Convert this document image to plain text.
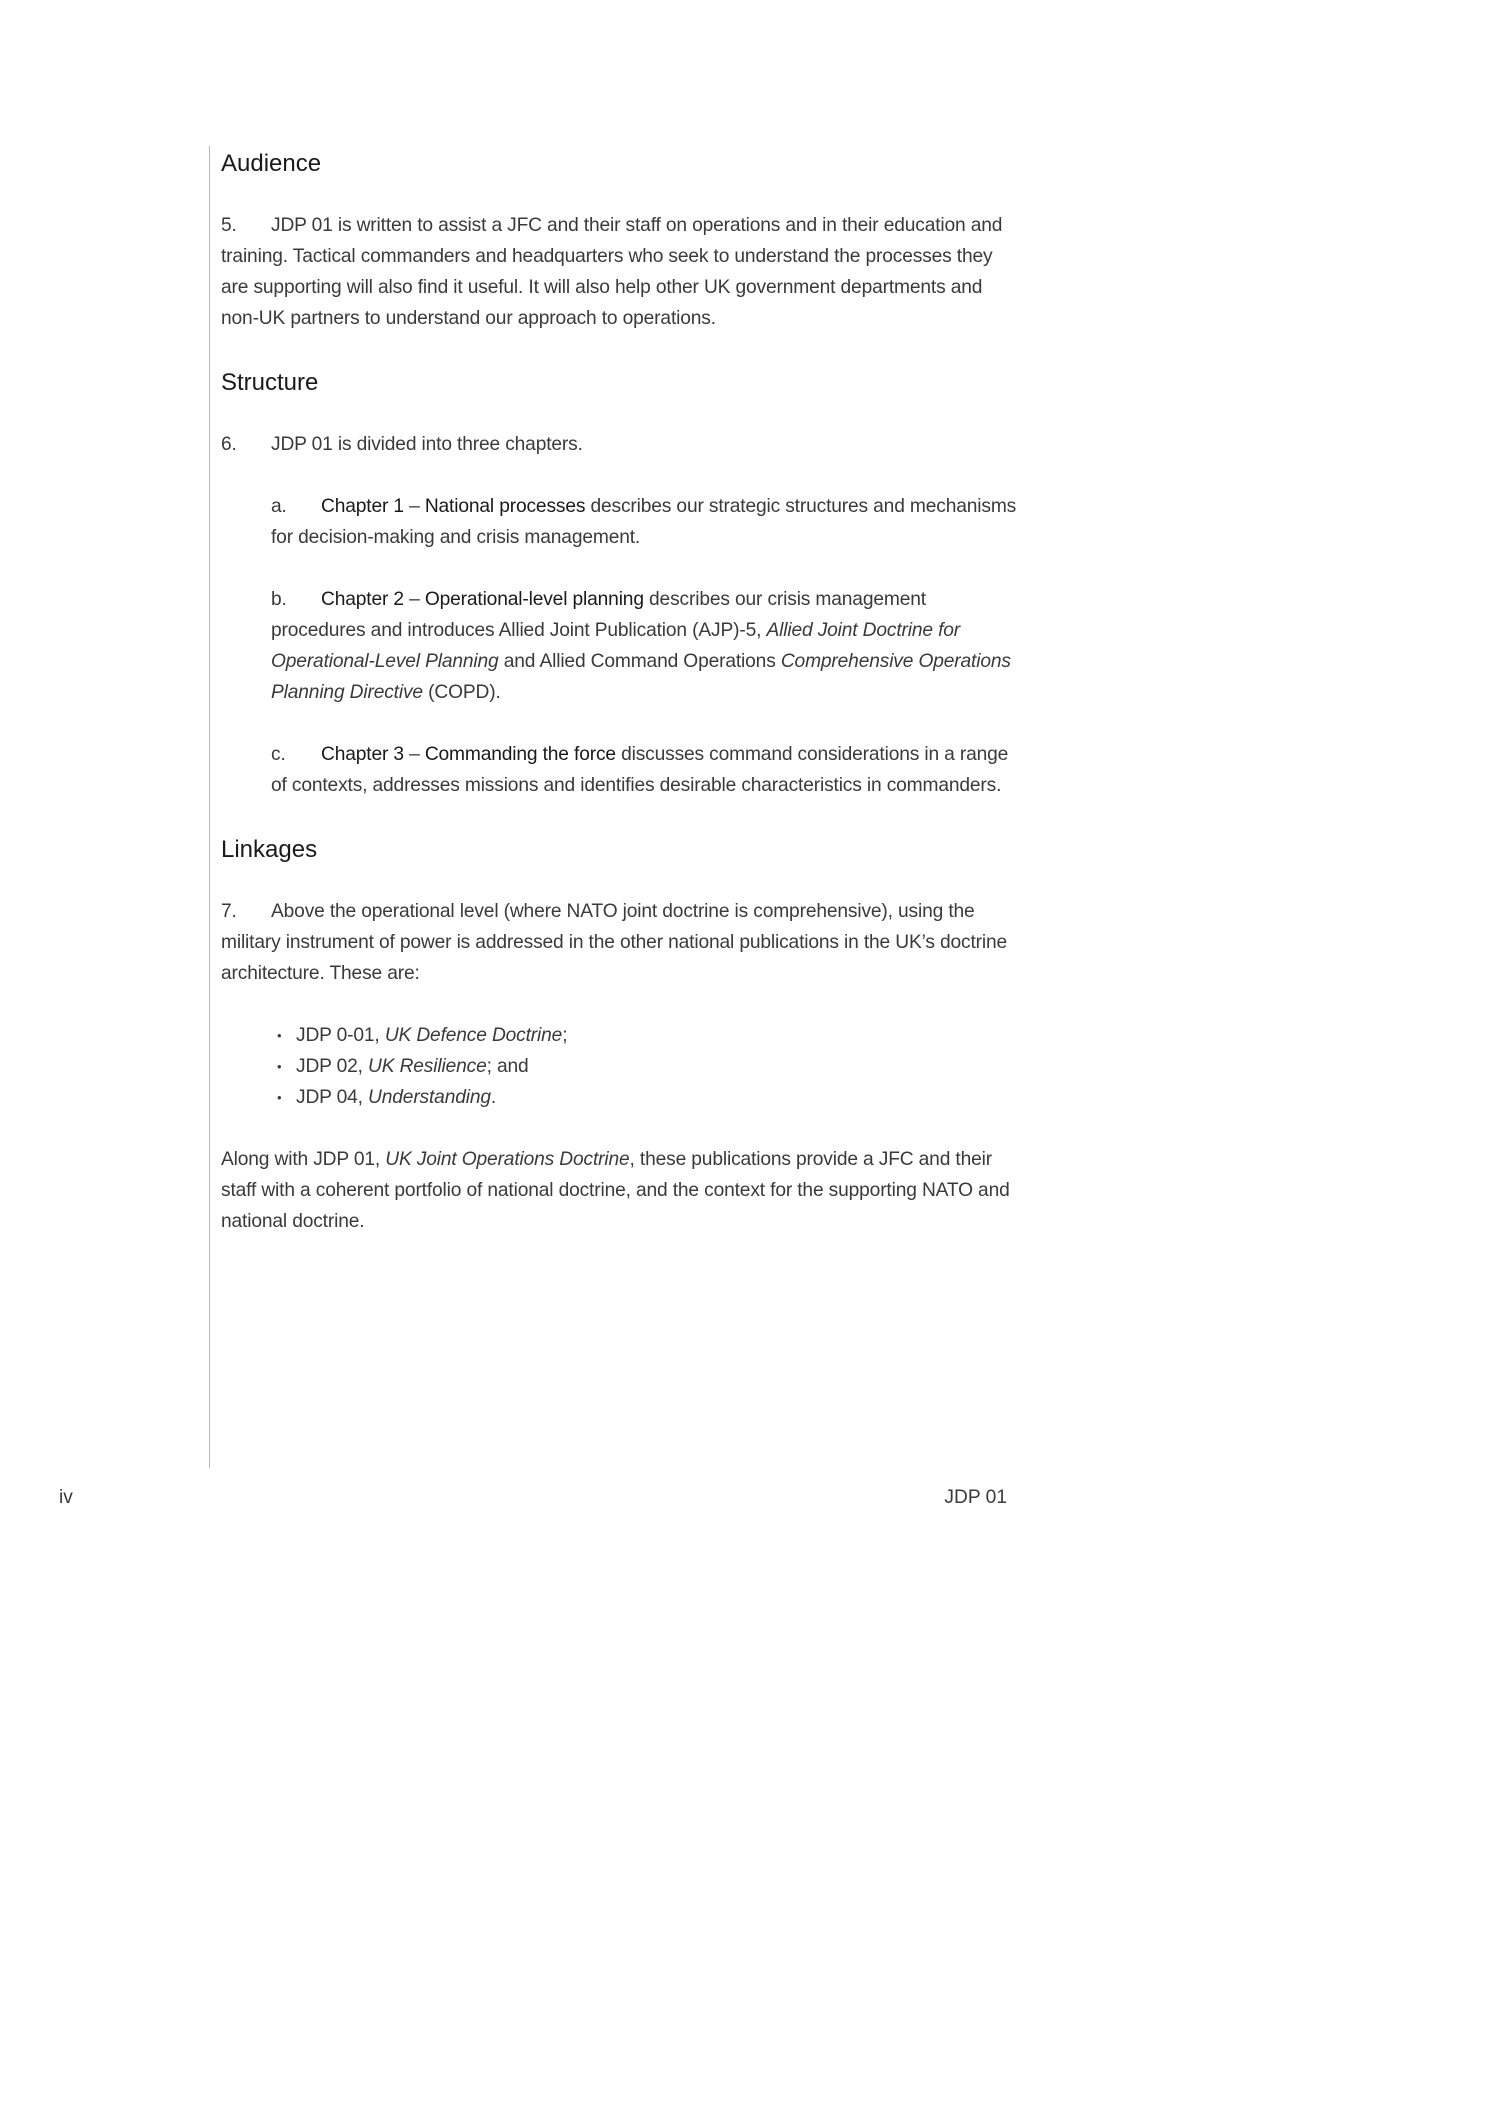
Audience

5. JDP 01 is written to assist a JFC and their staff on operations and in their education and training. Tactical commanders and headquarters who seek to understand the processes they are supporting will also find it useful. It will also help other UK government departments and non-UK partners to understand our approach to operations.

Structure

6. JDP 01 is divided into three chapters.

a. Chapter 1 – National processes describes our strategic structures and mechanisms for decision-making and crisis management.

b. Chapter 2 – Operational-level planning describes our crisis management procedures and introduces Allied Joint Publication (AJP)-5, Allied Joint Doctrine for Operational-Level Planning and Allied Command Operations Comprehensive Operations Planning Directive (COPD).

c. Chapter 3 – Commanding the force discusses command considerations in a range of contexts, addresses missions and identifies desirable characteristics in commanders.

Linkages

7. Above the operational level (where NATO joint doctrine is comprehensive), using the military instrument of power is addressed in the other national publications in the UK’s doctrine architecture. These are:

• JDP 0-01, UK Defence Doctrine;
• JDP 02, UK Resilience; and
• JDP 04, Understanding.

Along with JDP 01, UK Joint Operations Doctrine, these publications provide a JFC and their staff with a coherent portfolio of national doctrine, and the context for the supporting NATO and national doctrine.

iv	JDP 01
